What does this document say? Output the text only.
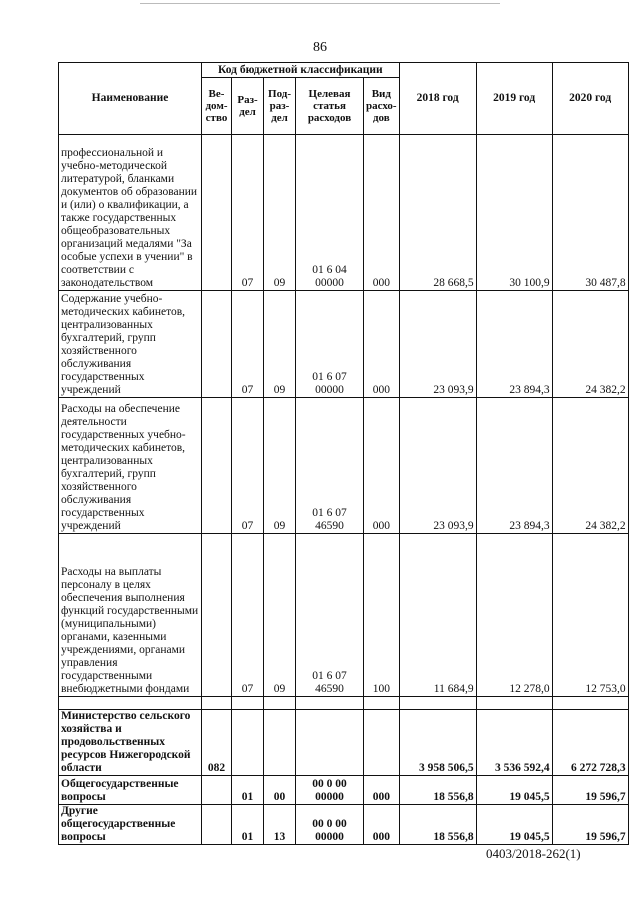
86
Наименование	Код бюджетной классификации					2018 год	2019 год	2020 год
	Ве-дом-ство	Раз-дел	Под-раз-дел	Целевая статья расходов	Вид расхо-дов			
профессиональной и учебно-методической литературой, бланками документов об образовании и (или) о квалификации, а также государственных общеобразовательных организаций медалями "За особые успехи в учении" в соответствии с законодательством		07	09	01 6 04 00000	000	28 668,5	30 100,9	30 487,8
Содержание учебно-методических кабинетов, централизованных бухгалтерий, групп хозяйственного обслуживания государственных учреждений		07	09	01 6 07 00000	000	23 093,9	23 894,3	24 382,2
Расходы на обеспечение деятельности государственных учебно-методических кабинетов, централизованных бухгалтерий, групп хозяйственного обслуживания государственных учреждений		07	09	01 6 07 46590	000	23 093,9	23 894,3	24 382,2
Расходы на выплаты персоналу в целях обеспечения выполнения функций государственными (муниципальными) органами, казенными учреждениями, органами управления государственными внебюджетными фондами		07	09	01 6 07 46590	100	11 684,9	12 278,0	12 753,0

Министерство сельского хозяйства и продовольственных ресурсов Нижегородской области	082					3 958 506,5	3 536 592,4	6 272 728,3
Общегосударственные вопросы		01	00	00 0 00 00000	000	18 556,8	19 045,5	19 596,7
Другие общегосударственные вопросы		01	13	00 0 00 00000	000	18 556,8	19 045,5	19 596,7
0403/2018-262(1)
